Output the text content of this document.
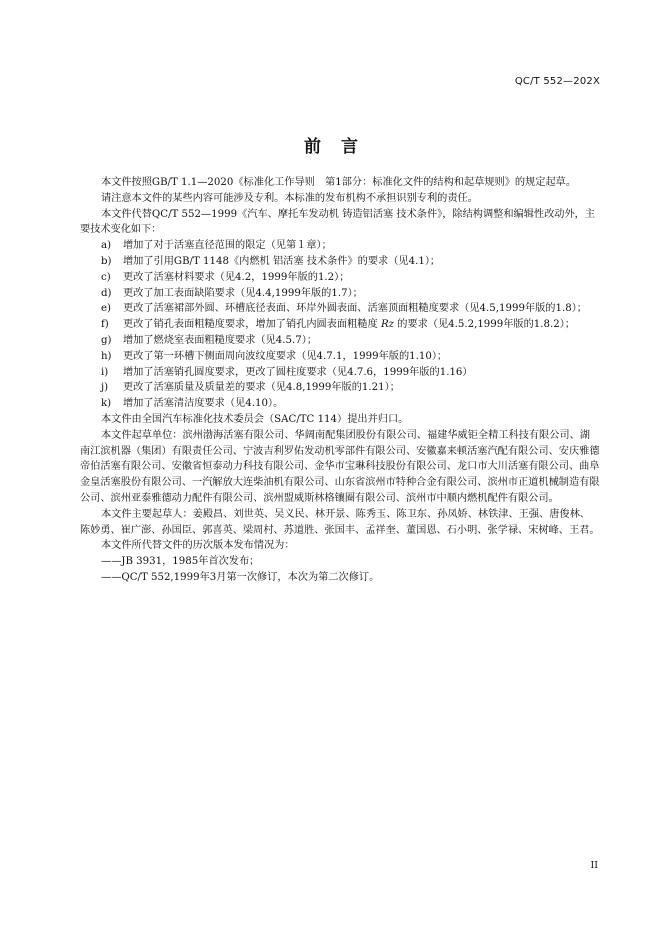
QC/T 552—202X
前言

本文件按照GB/T 1.1—2020《标准化工作导则　第1部分：标准化文件的结构和起草规则》的规定起草。

请注意本文件的某些内容可能涉及专利。本标准的发布机构不承担识别专利的责任。

本文件代替QC/T 552—1999《汽车、摩托车发动机 铸造铝活塞 技术条件》，除结构调整和编辑性改动外，主要技术变化如下：

a)	增加了对于活塞直径范围的限定（见第１章）；
b)	增加了引用GB/T 1148《内燃机 铝活塞 技术条件》的要求（见4.1）；
c)	更改了活塞材料要求（见4.2，1999年版的1.2）；
d)	更改了加工表面缺陷要求（见4.4,1999年版的1.7）；
e)	更改了活塞裙部外圆、环槽底径表面、环岸外圆表面、活塞顶面粗糙度要求（见4.5,1999年版的1.8）；
f)	更改了销孔表面粗糙度要求，增加了销孔内圆表面粗糙度 Rz 的要求（见4.5.2,1999年版的1.8.2）；
g)	增加了燃烧室表面粗糙度要求（见4.5.7）；
h)	更改了第一环槽下侧面周向波纹度要求（见4.7.1，1999年版的1.10）；
i)	增加了活塞销孔圆度要求，更改了圆柱度要求（见4.7.6，1999年版的1.16）
j)	更改了活塞质量及质量差的要求（见4.8,1999年版的1.21）；
k)	增加了活塞清洁度要求（见4.10）。

本文件由全国汽车标准化技术委员会（SAC/TC 114）提出并归口。

本文件起草单位：滨州渤海活塞有限公司、华阔南配集团股份有限公司、福建华威钜全精工科技有限公司、湖南江滨机器（集团）有限责任公司、宁波吉利罗佑发动机零部件有限公司、安徽嘉来顿活塞汽配有限公司、安庆雅德帝伯活塞有限公司、安徽省恒泰动力科技有限公司、金华市宝琳科技股份有限公司、龙口市大川活塞有限公司、曲阜金皇活塞股份有限公司、一汽解放大连柴油机有限公司、山东省滨州市特种合金有限公司、滨州市正道机械制造有限公司、滨州亚泰雅德动力配件有限公司、滨州盟威斯林格镶圈有限公司、滨州市中顺内燃机配件有限公司。

本文件主要起草人：姜殿昌、刘世英、吴义民、林开景、陈秀玉、陈卫东、孙凤娇、林铁津、王强、唐俊林、陈妙勇、崔广澎、孙国臣、郭喜英、梁周村、苏道胜、张国丰、孟祥奎、董国恩、石小明、张学禄、宋树峰、王君。

本文件所代替文件的历次版本发布情况为：

——JB 3931，1985年首次发布；

——QC/T 552,1999年3月第一次修订，本次为第二次修订。

II
